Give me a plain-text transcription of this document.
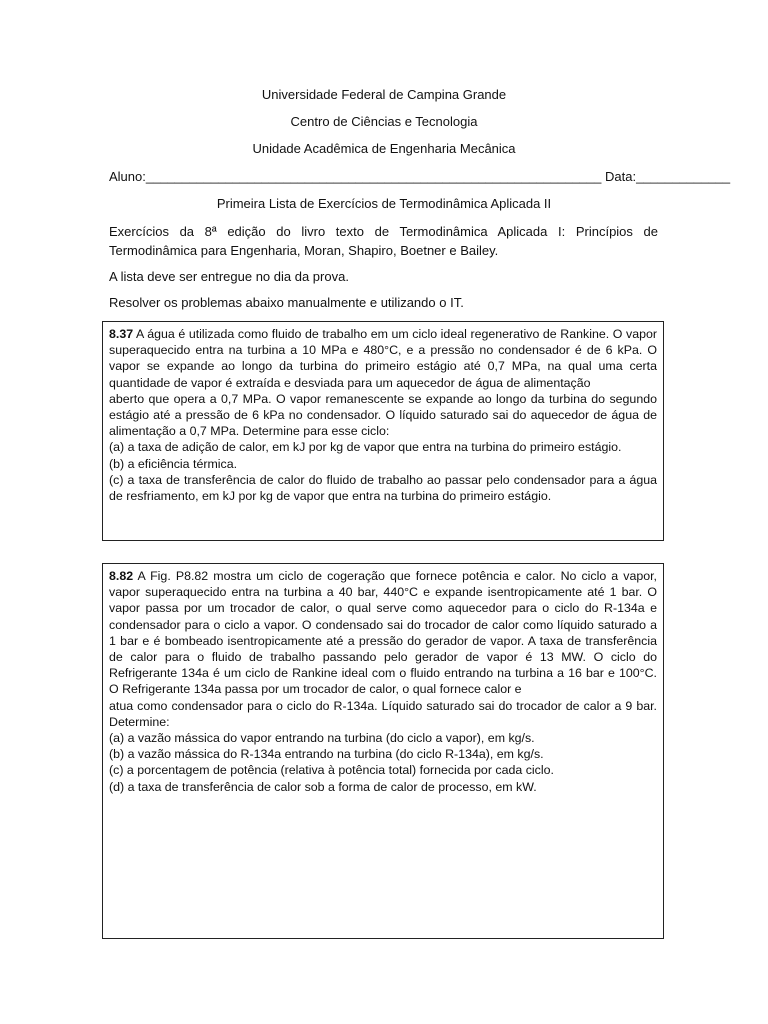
Universidade Federal de Campina Grande
Centro de Ciências e Tecnologia
Unidade Acadêmica de Engenharia Mecânica
Aluno:_______________________________________________________________ Data:_____________
Primeira Lista de Exercícios de Termodinâmica Aplicada II
Exercícios da 8ª edição do livro texto de Termodinâmica Aplicada I: Princípios de Termodinâmica para Engenharia, Moran, Shapiro, Boetner e Bailey.
A lista deve ser entregue no dia da prova.
Resolver os problemas abaixo manualmente e utilizando o IT.

8.37 A água é utilizada como fluido de trabalho em um ciclo ideal regenerativo de Rankine. O vapor superaquecido entra na turbina a 10 MPa e 480°C, e a pressão no condensador é de 6 kPa. O vapor se expande ao longo da turbina do primeiro estágio até 0,7 MPa, na qual uma certa quantidade de vapor é extraída e desviada para um aquecedor de água de alimentação

aberto que opera a 0,7 MPa. O vapor remanescente se expande ao longo da turbina do segundo estágio até a pressão de 6 kPa no condensador. O líquido saturado sai do aquecedor de água de alimentação a 0,7 MPa. Determine para esse ciclo:

(a) a taxa de adição de calor, em kJ por kg de vapor que entra na turbina do primeiro estágio.

(b) a eficiência térmica.

(c) a taxa de transferência de calor do fluido de trabalho ao passar pelo condensador para a água de resfriamento, em kJ por kg de vapor que entra na turbina do primeiro estágio.

8.82 A Fig. P8.82 mostra um ciclo de cogeração que fornece potência e calor. No ciclo a vapor, vapor superaquecido entra na turbina a 40 bar, 440°C e expande isentropicamente até 1 bar. O vapor passa por um trocador de calor, o qual serve como aquecedor para o ciclo do R-134a e condensador para o ciclo a vapor. O condensado sai do trocador de calor como líquido saturado a 1 bar e é bombeado isentropicamente até a pressão do gerador de vapor. A taxa de transferência de calor para o fluido de trabalho passando pelo gerador de vapor é 13 MW. O ciclo do Refrigerante 134a é um ciclo de Rankine ideal com o fluido entrando na turbina a 16 bar e 100°C. O Refrigerante 134a passa por um trocador de calor, o qual fornece calor e

atua como condensador para o ciclo do R-134a. Líquido saturado sai do trocador de calor a 9 bar. Determine:

(a) a vazão mássica do vapor entrando na turbina (do ciclo a vapor), em kg/s.

(b) a vazão mássica do R-134a entrando na turbina (do ciclo R-134a), em kg/s.

(c) a porcentagem de potência (relativa à potência total) fornecida por cada ciclo.

(d) a taxa de transferência de calor sob a forma de calor de processo, em kW.
